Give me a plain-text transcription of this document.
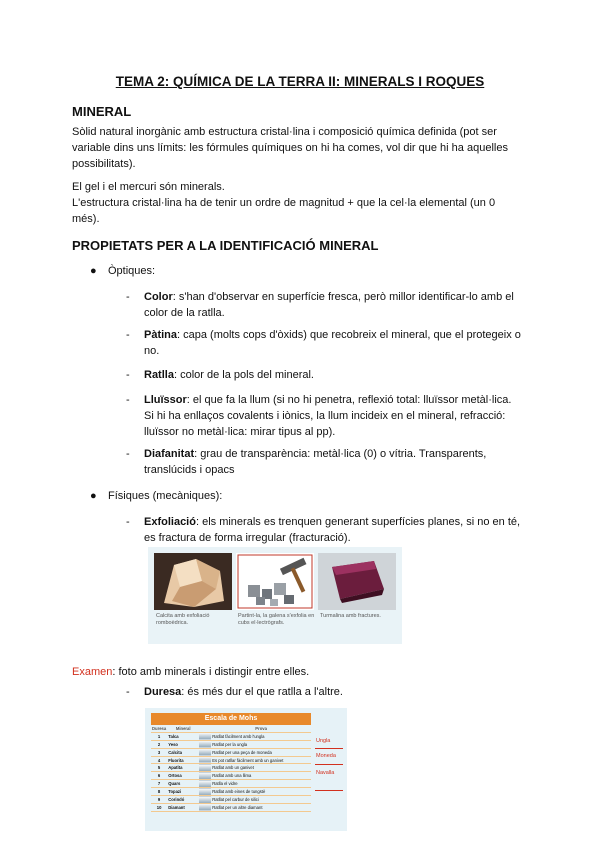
TEMA 2: QUÍMICA DE LA TERRA II: MINERALS I ROQUES
MINERAL
Sòlid natural inorgànic amb estructura cristal·lina i composició química definida (pot ser
variable dins uns límits: les fórmules químiques on hi ha comes, vol dir que hi ha aquelles
possibilitats).
El gel i el mercuri són minerals.
L'estructura cristal·lina ha de tenir un ordre de magnitud + que la cel·la elemental (un 0
més).
PROPIETATS PER A LA IDENTIFICACIÓ MINERAL
● Òptiques:
- Color: s'han d'observar en superfície fresca, però millor identificar-lo amb el
color de la ratlla.
- Pàtina: capa (molts cops d'òxids) que recobreix el mineral, que el protegeix o
no.
- Ratlla: color de la pols del mineral.
- Lluïssor: el que fa la llum (si no hi penetra, reflexió total: lluïssor metàl·lica.
Si hi ha enllaços covalents i iònics, la llum incideix en el mineral, refracció:
lluïssor no metàl·lica: mirar tipus al pp).
- Diafanitat: grau de transparència: metàl·lica (0) o vítria. Transparents,
translúcids i opacs
● Físiques (mecàniques):
- Exfoliació: els minerals es trenquen generant superfícies planes, si no en té,
es fractura de forma irregular (fracturació).
Calcita amb exfoliació romboèdrica.
Partint-la, la galena s'exfolia en cubs el·lectrògrafs.
Turmalina amb fractures.
Examen: foto amb minerals i distingir entre elles.
- Duresa: és més dur el que ratlla a l'altre.
Escala de Mohs
Duresa	Mineral		Prova
1	Talca		Ratllat fàcilment amb l'ungla
2	Yeso		Ratllat per la ungla
3	Calcita		Ratllat per una peça de moneda
4	Fluorita		Es pot ratllar fàcilment amb un ganivet
5	Apatita		Ratllat amb un ganivet
6	Ortosa		Ratllat amb una llima
7	Quars		Ratlla el vidre
8	Topazi		Ratllat amb eines de tungstè
9	Corindó		Ratllat pel carbur de silici
10	Diamant		Ratllat per un altre diamant
Ungla
Moneda
Navalla
